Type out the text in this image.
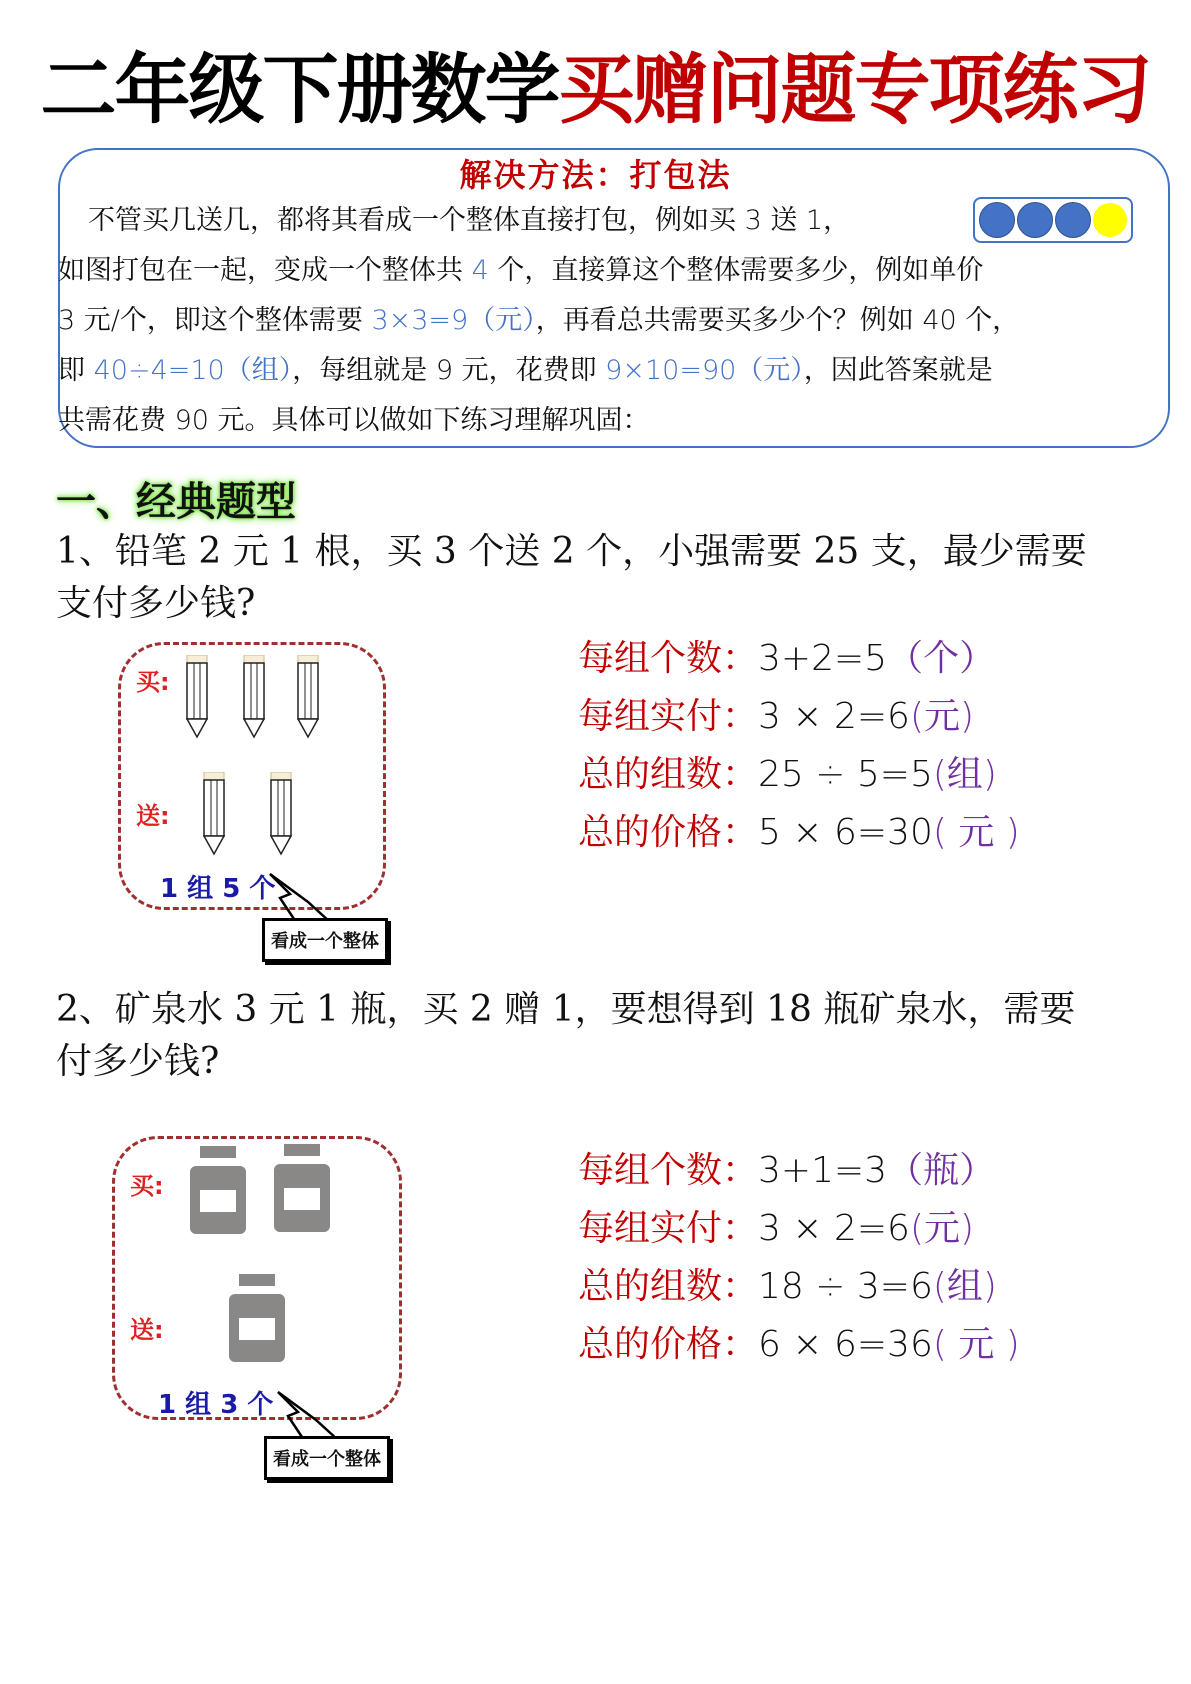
二年级下册数学买赠问题专项练习
解决方法：打包法
不管买几送几，都将其看成一个整体直接打包，例如买 3 送 1，
如图打包在一起，变成一个整体共 4 个，直接算这个整体需要多少，例如单价
3 元/个，即这个整体需要 3×3=9（元），再看总共需要买多少个？例如 40 个，
即 40÷4=10（组），每组就是 9 元，花费即 9×10=90（元），因此答案就是
共需花费 90 元。具体可以做如下练习理解巩固：
一、经典题型
1、铅笔 2 元 1 根，买 3 个送 2 个，小强需要 25 支，最少需要
支付多少钱?
买:
送:
1 组 5 个
看成一个整体
每组个数：3+2=5（个）
每组实付：3 × 2=6(元)
总的组数：25 ÷ 5=5(组)
总的价格：5 × 6=30( 元 )
2、矿泉水 3 元 1 瓶，买 2 赠 1，要想得到 18 瓶矿泉水，需要
付多少钱?
买:
送:
1 组 3 个
看成一个整体
每组个数：3+1=3（瓶）
每组实付：3 × 2=6(元)
总的组数：18 ÷ 3=6(组)
总的价格：6 × 6=36( 元 )
